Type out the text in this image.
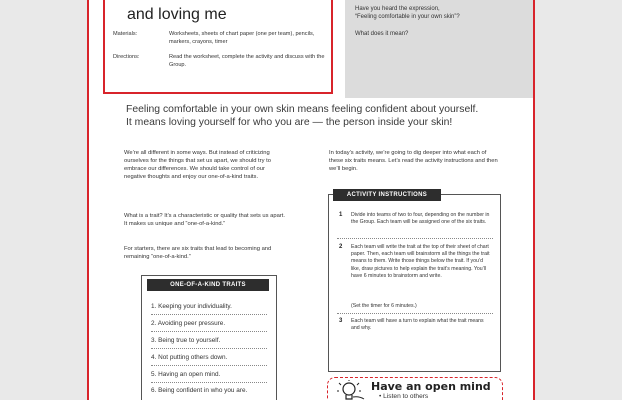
and loving me
Materials:	Worksheets, sheets of chart paper (one per team), pencils, markers, crayons, timer
Directions:	Read the worksheet, complete the activity and discuss with the Group.
Have you heard the expression,
“Feeling comfortable in your own skin”?
What does it mean?
Feeling comfortable in your own skin means feeling confident about yourself. It means loving yourself for who you are — the person inside your skin!
We’re all different in some ways. But instead of criticizing ourselves for the things that set us apart, we should try to embrace our differences. We should take control of our negative thoughts and enjoy our one-of-a-kind traits.
What is a trait? It’s a characteristic or quality that sets us apart. It makes us unique and “one-of-a-kind.”
For starters, there are six traits that lead to becoming and remaining “one-of-a-kind.”
In today’s activity, we’re going to dig deeper into what each of these six traits means. Let’s read the activity instructions and then we’ll begin.
ONE-OF-A-KIND TRAITS
1. Keeping your individuality.
2. Avoiding peer pressure.
3. Being true to yourself.
4. Not putting others down.
5. Having an open mind.
6. Being confident in who you are.
ACTIVITY INSTRUCTIONS
1 Divide into teams of two to four, depending on the number in the Group. Each team will be assigned one of the six traits.
2 Each team will write the trait at the top of their sheet of chart paper. Then, each team will brainstorm all the things the trait means to them. Write those things below the trait. If you’d like, draw pictures to help explain the trait’s meaning. You’ll have 6 minutes to brainstorm and write.
(Set the timer for 6 minutes.)
3 Each team will have a turn to explain what the trait means and why.
Have an open mind
• Listen to others
